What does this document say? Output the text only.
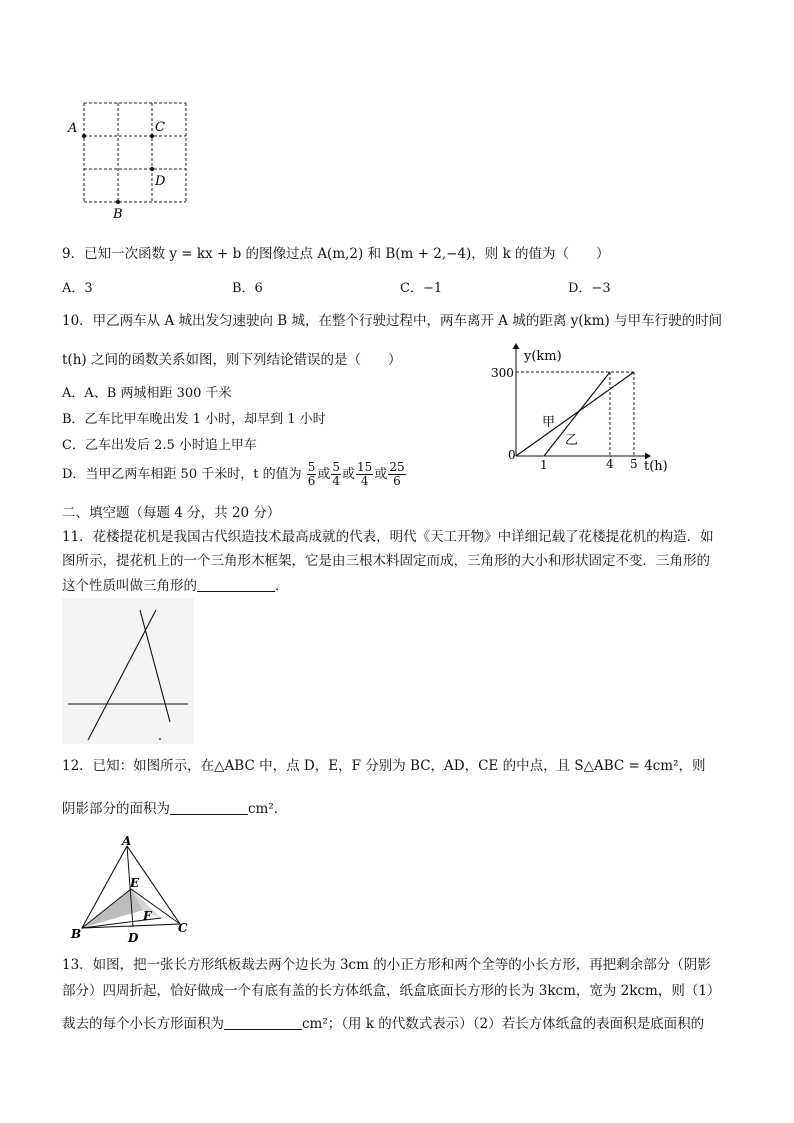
A	C
D
B
9．已知一次函数 y = kx + b 的图像过点 A(m,2) 和 B(m + 2,−4)，则 k 的值为（　　）
A．3	B．6	C．−1	D．−3
10．甲乙两车从 A 城出发匀速驶向 B 城，在整个行驶过程中，两车离开 A 城的距离 y(km) 与甲车行驶的时间
t(h) 之间的函数关系如图，则下列结论错误的是（　　）
A．A、B 两城相距 300 千米
B．乙车比甲车晚出发 1 小时，却早到 1 小时
C．乙车出发后 2.5 小时追上甲车
D．当甲乙两车相距 50 千米时，t 的值为 $\frac{5}{6}$ 或 $\frac{5}{4}$ 或 $\frac{15}{4}$ 或 $\frac{25}{6}$
y(km)
300
0
1	4 5 t(h)
甲
乙
二、填空题（每题 4 分，共 20 分）
11．花楼提花机是我国古代织造技术最高成就的代表，明代《天工开物》中详细记载了花楼提花机的构造．如
图所示，提花机上的一个三角形木框架，它是由三根木料固定而成，三角形的大小和形状固定不变．三角形的
这个性质叫做三角形的	．
12．已知：如图所示，在△ABC 中，点 D，E，F 分别为 BC，AD，CE 的中点，且 S△ABC = 4cm²，则
阴影部分的面积为	cm²．
A
B	C
D
E
F
13．如图，把一张长方形纸板裁去两个边长为 3cm 的小正方形和两个全等的小长方形，再把剩余部分（阴影
部分）四周折起，恰好做成一个有底有盖的长方体纸盒，纸盒底面长方形的长为 3kcm，宽为 2kcm，则（1）
裁去的每个小长方形面积为	cm²；（用 k 的代数式表示）（2）若长方体纸盒的表面积是底面积的
